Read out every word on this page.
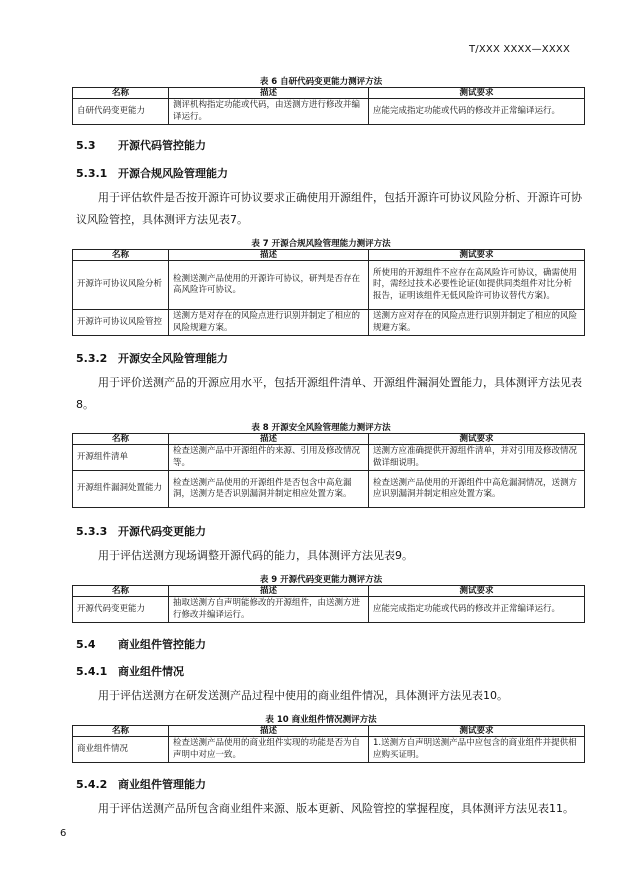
T/XXX XXXX—XXXX
表 6 自研代码变更能力测评方法
名称	描述	测试要求
自研代码变更能力	测评机构指定功能或代码，由送测方进行修改并编译运行。	应能完成指定功能或代码的修改并正常编译运行。
5.3 开源代码管控能力
5.3.1 开源合规风险管理能力
用于评估软件是否按开源许可协议要求正确使用开源组件，包括开源许可协议风险分析、开源许可协议风险管控，具体测评方法见表7。
表 7 开源合规风险管理能力测评方法
名称	描述	测试要求
开源许可协议风险分析	检测送测产品使用的开源许可协议，研判是否存在高风险许可协议。	所使用的开源组件不应存在高风险许可协议，确需使用时，需经过技术必要性论证(如提供同类组件对比分析报告，证明该组件无低风险许可协议替代方案)。
开源许可协议风险管控	送测方是对存在的风险点进行识别并制定了相应的风险规避方案。	送测方应对存在的风险点进行识别并制定了相应的风险规避方案。
5.3.2 开源安全风险管理能力
用于评价送测产品的开源应用水平，包括开源组件清单、开源组件漏洞处置能力，具体测评方法见表8。
表 8 开源安全风险管理能力测评方法
名称	描述	测试要求
开源组件清单	检查送测产品中开源组件的来源、引用及修改情况等。	送测方应准确提供开源组件清单，并对引用及修改情况做详细说明。
开源组件漏洞处置能力	检查送测产品使用的开源组件是否包含中高危漏洞，送测方是否识别漏洞并制定相应处置方案。	检查送测产品使用的开源组件中高危漏洞情况，送测方应识别漏洞并制定相应处置方案。
5.3.3 开源代码变更能力
用于评估送测方现场调整开源代码的能力，具体测评方法见表9。
表 9 开源代码变更能力测评方法
名称	描述	测试要求
开源代码变更能力	抽取送测方自声明能修改的开源组件，由送测方进行修改并编译运行。	应能完成指定功能或代码的修改并正常编译运行。
5.4 商业组件管控能力
5.4.1 商业组件情况
用于评估送测方在研发送测产品过程中使用的商业组件情况，具体测评方法见表10。
表 10 商业组件情况测评方法
名称	描述	测试要求
商业组件情况	检查送测产品使用的商业组件实现的功能是否为自声明中对应一致。	1.送测方自声明送测产品中应包含的商业组件并提供相应购买证明。
5.4.2 商业组件管理能力
用于评估送测产品所包含商业组件来源、版本更新、风险管控的掌握程度，具体测评方法见表11。
6
